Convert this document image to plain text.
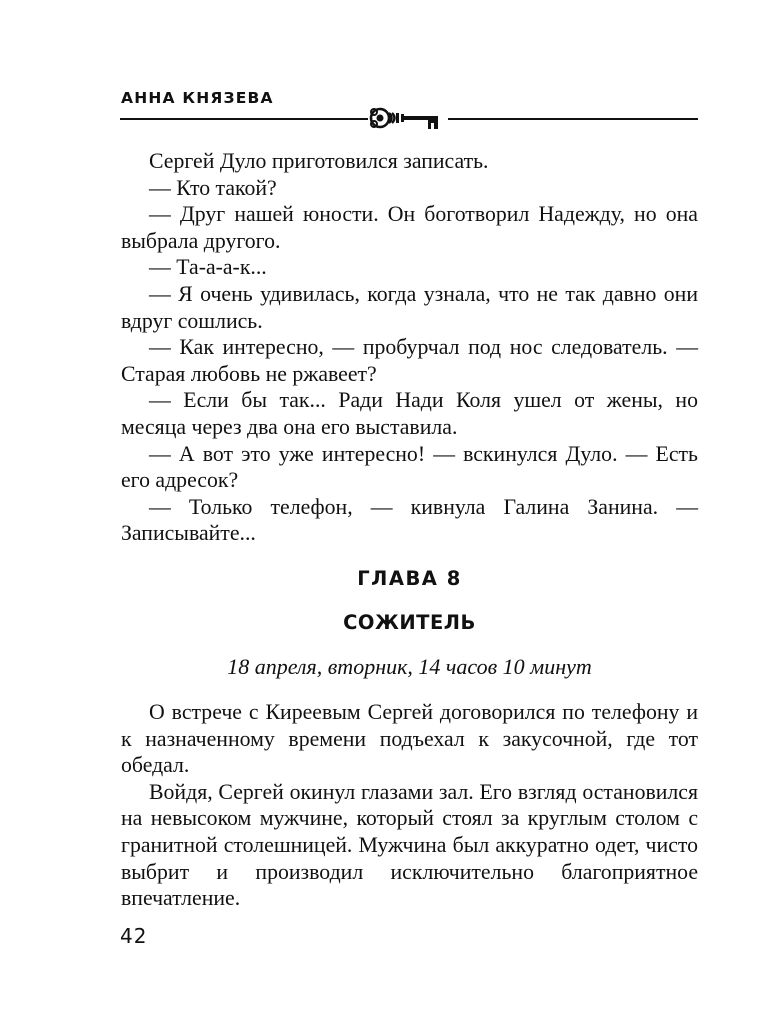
АННА КНЯЗЕВА

Сергей Дуло приготовился записать.

— Кто такой?

— Друг нашей юности. Он боготворил Надежду, но она выбрала другого.

— Та-а-а-к...

— Я очень удивилась, когда узнала, что не так давно они вдруг сошлись.

— Как интересно, — пробурчал под нос следователь. — Старая любовь не ржавеет?

— Если бы так... Ради Нади Коля ушел от жены, но месяца через два она его выставила.

— А вот это уже интересно! — вскинулся Дуло. — Есть его адресок?

— Только телефон, — кивнула Галина Занина. — Записывайте...

ГЛАВА 8
СОЖИТЕЛЬ
18 апреля, вторник, 14 часов 10 минут

О встрече с Киреевым Сергей договорился по телефону и к назначенному времени подъехал к закусочной, где тот обедал.

Войдя, Сергей окинул глазами зал. Его взгляд остановился на невысоком мужчине, который стоял за круглым столом с гранитной столешницей. Мужчина был аккуратно одет, чисто выбрит и производил исключительно благоприятное впечатление.

42
